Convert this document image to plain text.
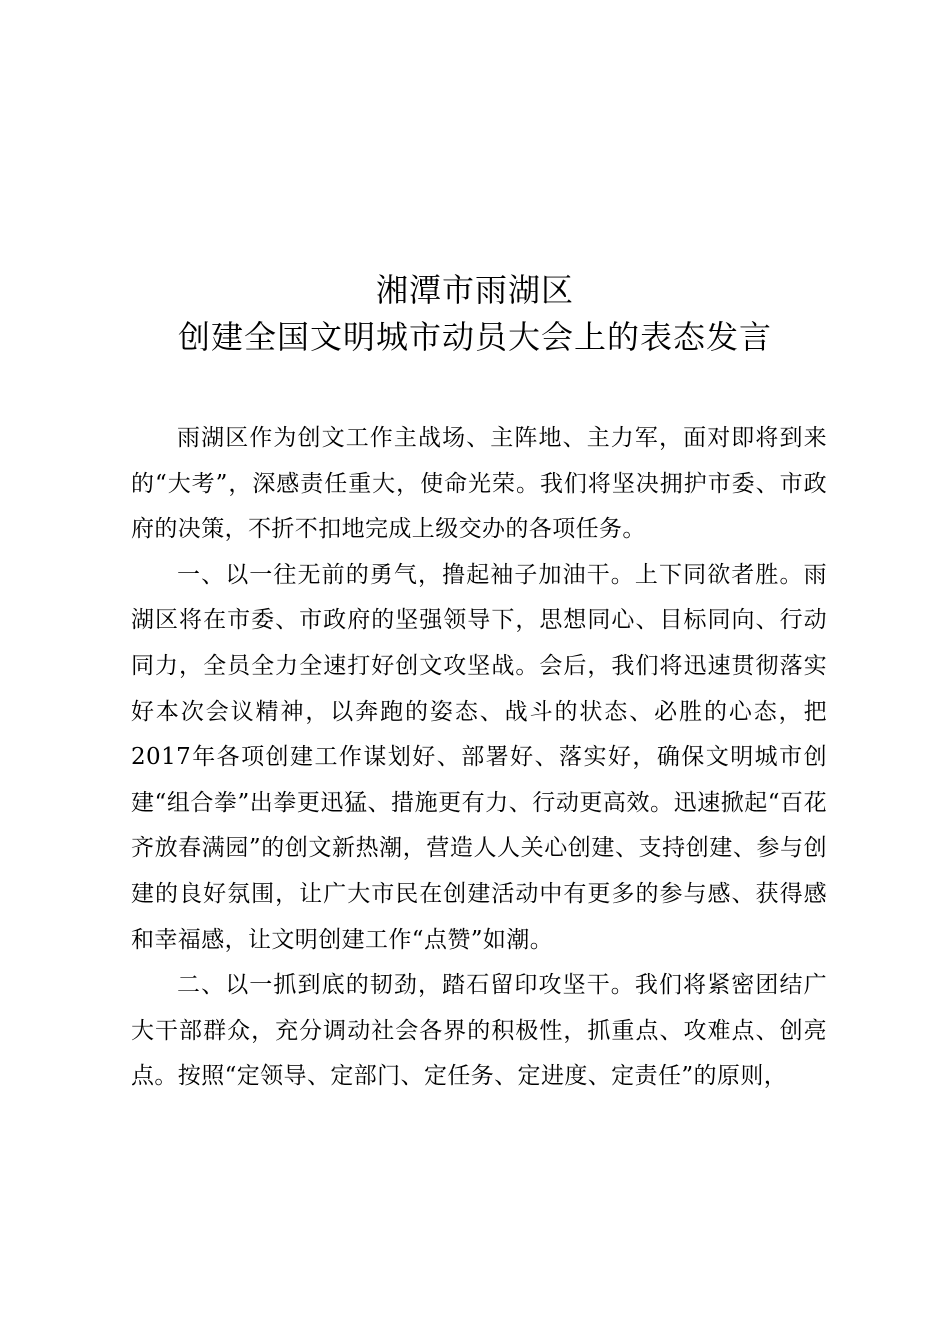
湘潭市雨湖区
创建全国文明城市动员大会上的表态发言

雨湖区作为创文工作主战场、主阵地、主力军，面对即将到来的“大考”，深感责任重大，使命光荣。我们将坚决拥护市委、市政府的决策，不折不扣地完成上级交办的各项任务。

一、以一往无前的勇气，撸起袖子加油干。上下同欲者胜。雨湖区将在市委、市政府的坚强领导下，思想同心、目标同向、行动同力，全员全力全速打好创文攻坚战。会后，我们将迅速贯彻落实好本次会议精神，以奔跑的姿态、战斗的状态、必胜的心态，把2017年各项创建工作谋划好、部署好、落实好，确保文明城市创建“组合拳”出拳更迅猛、措施更有力、行动更高效。迅速掀起“百花齐放春满园”的创文新热潮，营造人人关心创建、支持创建、参与创建的良好氛围，让广大市民在创建活动中有更多的参与感、获得感和幸福感，让文明创建工作“点赞”如潮。

二、以一抓到底的韧劲，踏石留印攻坚干。我们将紧密团结广大干部群众，充分调动社会各界的积极性，抓重点、攻难点、创亮点。按照“定领导、定部门、定任务、定进度、定责任”的原则，
